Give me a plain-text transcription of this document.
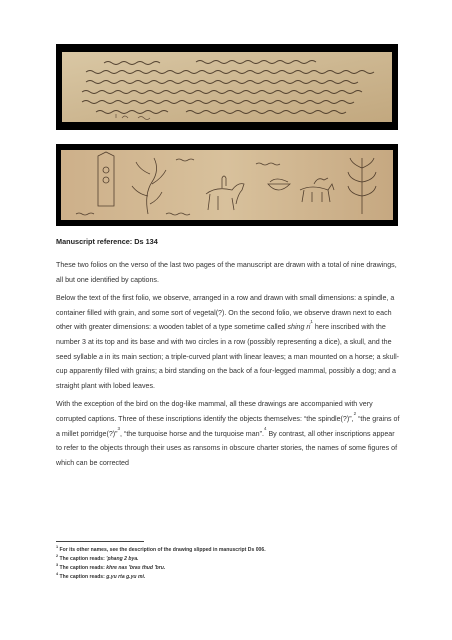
Manuscript reference: Ds 134

These two folios on the verso of the last two pages of the manuscript are drawn with a total of nine drawings, all but one identified by captions.

Below the text of the first folio, we observe, arranged in a row and drawn with small dimensions: a spindle, a container filled with grain, and some sort of vegetal(?). On the second folio, we observe drawn next to each other with greater dimensions: a wooden tablet of a type sometime called shing $ri^1$ here inscribed with the number 3 at its top and its base and with two circles in a row (possibly representing a dice), a skull, and the seed syllable a in its main section; a triple-curved plant with linear leaves; a man mounted on a horse; a skull-cup apparently filled with grains; a bird standing on the back of a four-legged mammal, possibly a dog; and a straight plant with lobed leaves.

With the exception of the bird on the dog-like mammal, all these drawings are accompanied with very corrupted captions. Three of these inscriptions identify the objects themselves: “the spindle(?)”,$^2$ “the grains of a millet porridge(?)”$^3$, “the turquoise horse and the turquoise man”.$^4$ By contrast, all other inscriptions appear to refer to the objects through their uses as ransoms in obscure charter stories, the names of some figures of which can be corrected

$^1$ For its other names, see the description of the drawing slipped in manuscript Ds 006.
$^2$ The caption reads: 'phang 2 bya.
$^3$ The caption reads: khre nas 'bras thud 'bru.
$^4$ The caption reads: g.yu rta g.yu mi.
